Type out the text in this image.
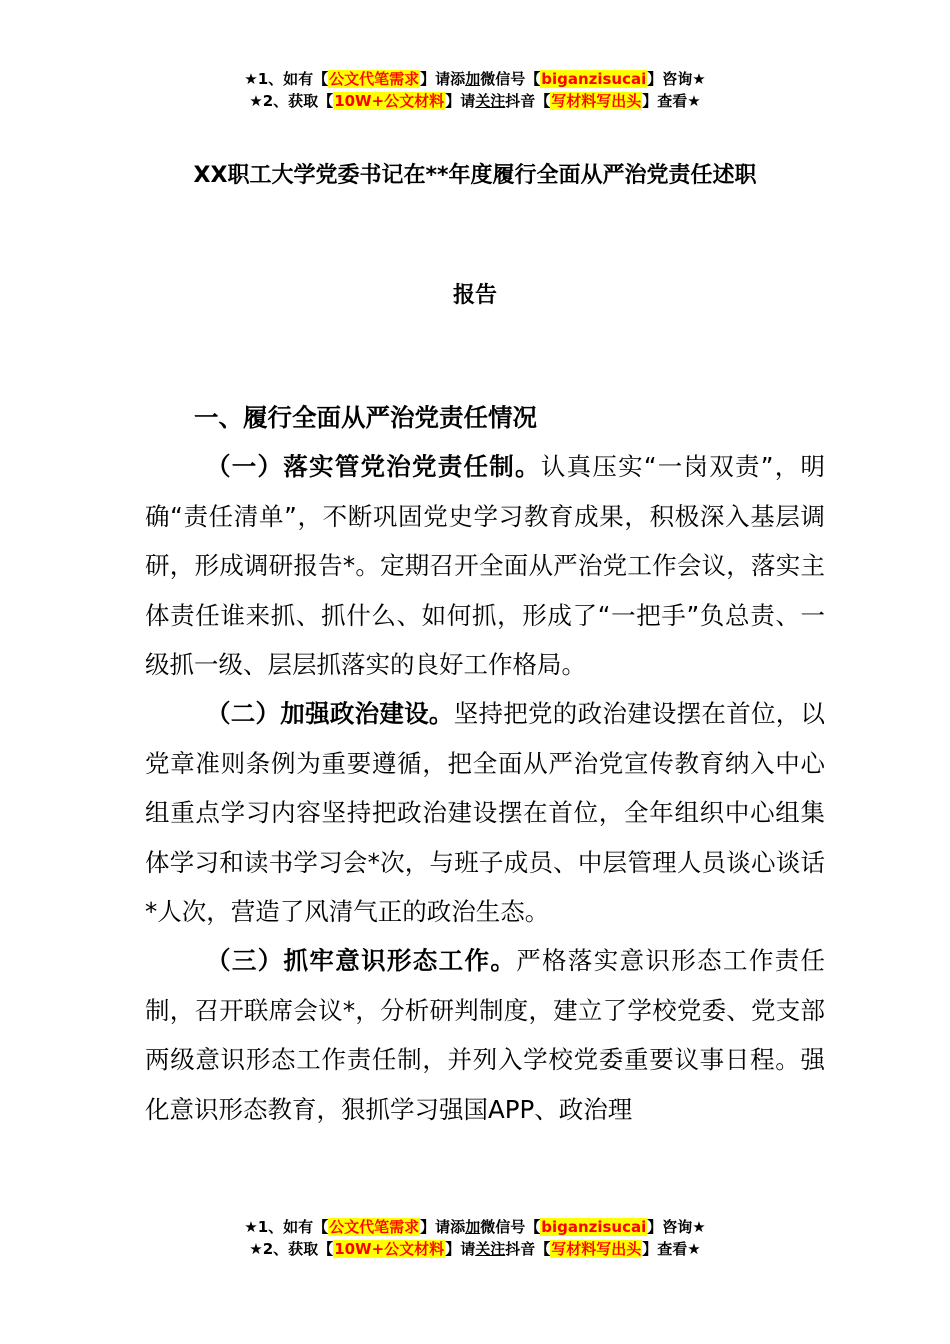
★1、如有【公文代笔需求】请添加微信号【biganzisucai】咨询★
★2、获取【10W+公文材料】请关注抖音【写材料写出头】查看★
XX职工大学党委书记在**年度履行全面从严治党责任述职
报告
一、履行全面从严治党责任情况

（一）落实管党治党责任制。认真压实“一岗双责”，明确“责任清单”，不断巩固党史学习教育成果，积极深入基层调研，形成调研报告*。定期召开全面从严治党工作会议，落实主体责任谁来抓、抓什么、如何抓，形成了“一把手”负总责、一级抓一级、层层抓落实的良好工作格局。

（二）加强政治建设。坚持把党的政治建设摆在首位，以党章准则条例为重要遵循，把全面从严治党宣传教育纳入中心组重点学习内容坚持把政治建设摆在首位，全年组织中心组集体学习和读书学习会*次，与班子成员、中层管理人员谈心谈话*人次，营造了风清气正的政治生态。

（三）抓牢意识形态工作。严格落实意识形态工作责任制，召开联席会议*，分析研判制度，建立了学校党委、党支部两级意识形态工作责任制，并列入学校党委重要议事日程。强化意识形态教育，狠抓学习强国APP、政治理

★1、如有【公文代笔需求】请添加微信号【biganzisucai】咨询★
★2、获取【10W+公文材料】请关注抖音【写材料写出头】查看★
